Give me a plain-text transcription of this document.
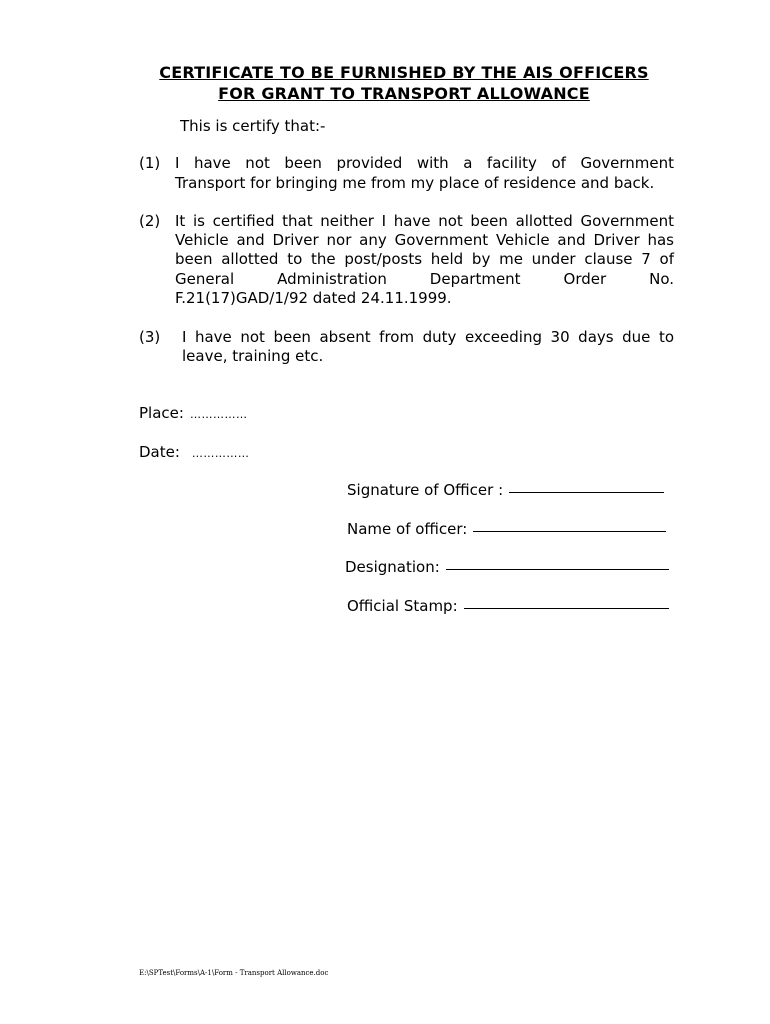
CERTIFICATE TO BE FURNISHED BY THE AIS OFFICERS
FOR GRANT TO TRANSPORT ALLOWANCE
This is certify that:-
(1) I have not been provided with a facility of Government
Transport for bringing me from my place of residence and back.
(2) It is certified that neither I have not been allotted Government
Vehicle and Driver nor any Government Vehicle and Driver has
been allotted to the post/posts held by me under clause 7 of
General Administration Department Order No.
F.21(17)GAD/1/92 dated 24.11.1999.
(3) I have not been absent from duty exceeding 30 days due to
leave, training etc.
Place: ……………
Date: ……………
Signature of Officer :
Name of officer:
Designation:
Official Stamp:
E:\SPTest\Forms\A-1\Form - Transport Allowance.doc
